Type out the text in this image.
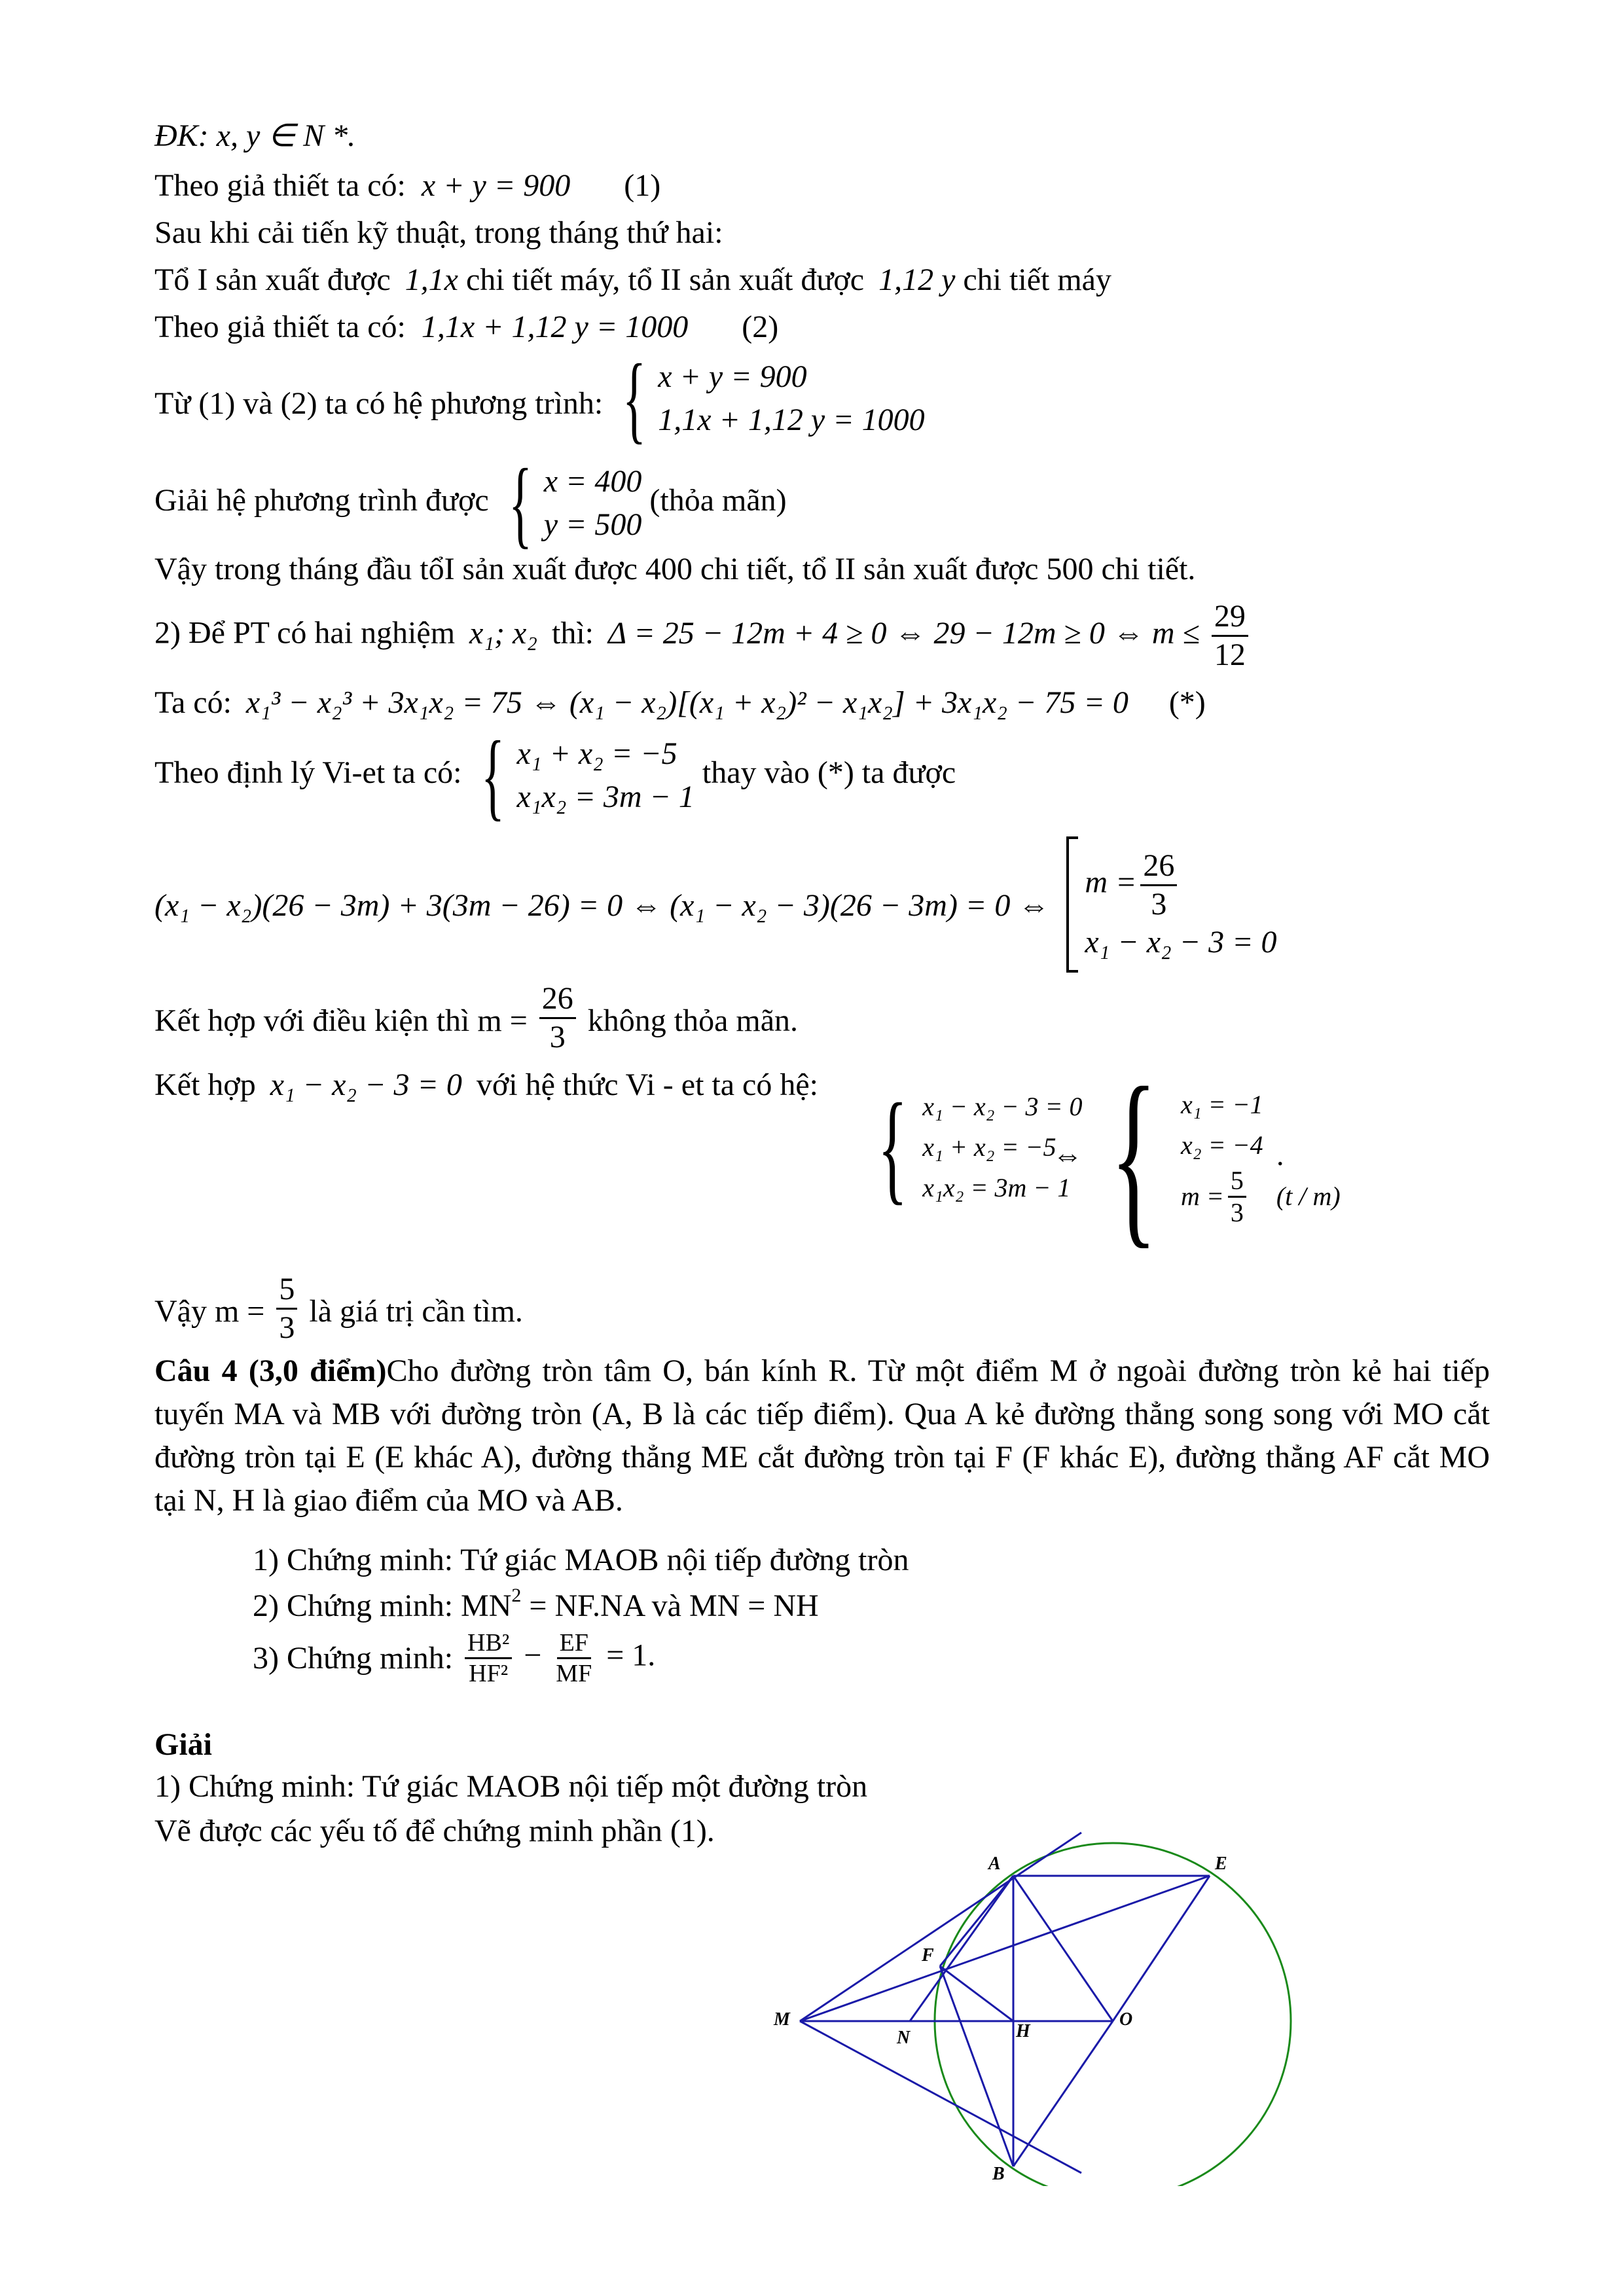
ĐK: x, y ∈ N *.
Theo giả thiết ta có: x + y = 900 (1)
Sau khi cải tiến kỹ thuật, trong tháng thứ hai:
Tổ I sản xuất được 1,1x chi tiết máy, tổ II sản xuất được 1,12 y chi tiết máy
Theo giả thiết ta có: 1,1x + 1,12 y = 1000 (2)
Từ (1) và (2) ta có hệ phương trình: { x + y = 900
1,1x + 1,12 y = 1000
Giải hệ phương trình được { x = 400
y = 500
(thỏa mãn)
Vậy trong tháng đầu tổI sản xuất được 400 chi tiết, tổ II sản xuất được 500 chi tiết.
2) Để PT có hai nghiệm x₁; x₂ thì: Δ = 25 − 12m + 4 ≥ 0 ⇔ 29 − 12m ≥ 0 ⇔ $m \le \frac{29}{12}$
Ta có: x₁³ − x₂³ + 3x₁x₂ = 75 ⇔ (x₁ − x₂)[(x₁ + x₂)² − x₁x₂] + 3x₁x₂ − 75 = 0 (*)
Theo định lý Vi-et ta có: { x₁ + x₂ = −5
x₁x₂ = 3m − 1
thay vào (*) ta được
(x₁ − x₂)(26 − 3m) + 3(3m − 26) = 0 ⇔ (x₁ − x₂ − 3)(26 − 3m) = 0 ⇔
$m = \frac{26}{3}$
x₁ − x₂ − 3 = 0
Kết hợp với điều kiện thì $m = \frac{26}{3}$ không thỏa mãn.
Kết hợp x₁ − x₂ − 3 = 0 với hệ thức Vi - et ta có hệ: { x₁ − x₂ − 3 = 0
x₁ + x₂ = −5
x₁x₂ = 3m − 1
⇔ { x₁ = −1
x₂ = −4
$m = \frac{5}{3} (t / m)$
.
Vậy $m = \frac{5}{3}$ là giá trị cần tìm.
Câu 4 (3,0 điểm)Cho đường tròn tâm O, bán kính R. Từ một điểm M ở ngoài đường tròn kẻ hai tiếp tuyến MA và MB với đường tròn (A, B là các tiếp điểm). Qua A kẻ đường thẳng song song với MO cắt đường tròn tại E (E khác A), đường thẳng ME cắt đường tròn tại F (F khác E), đường thẳng AF cắt MO tại N, H là giao điểm của MO và AB.
1) Chứng minh: Tứ giác MAOB nội tiếp đường tròn
2) Chứng minh: $MN^2 = NF.NA$ và MN = NH
3) Chứng minh: $\frac{\text{HB²}}{\text{HF²}} - \frac{EF}{MF} = 1$.
Giải
1) Chứng minh: Tứ giác MAOB nội tiếp một đường tròn
Vẽ được các yếu tố để chứng minh phần (1).
A	E
F
M
N	H
O
B
